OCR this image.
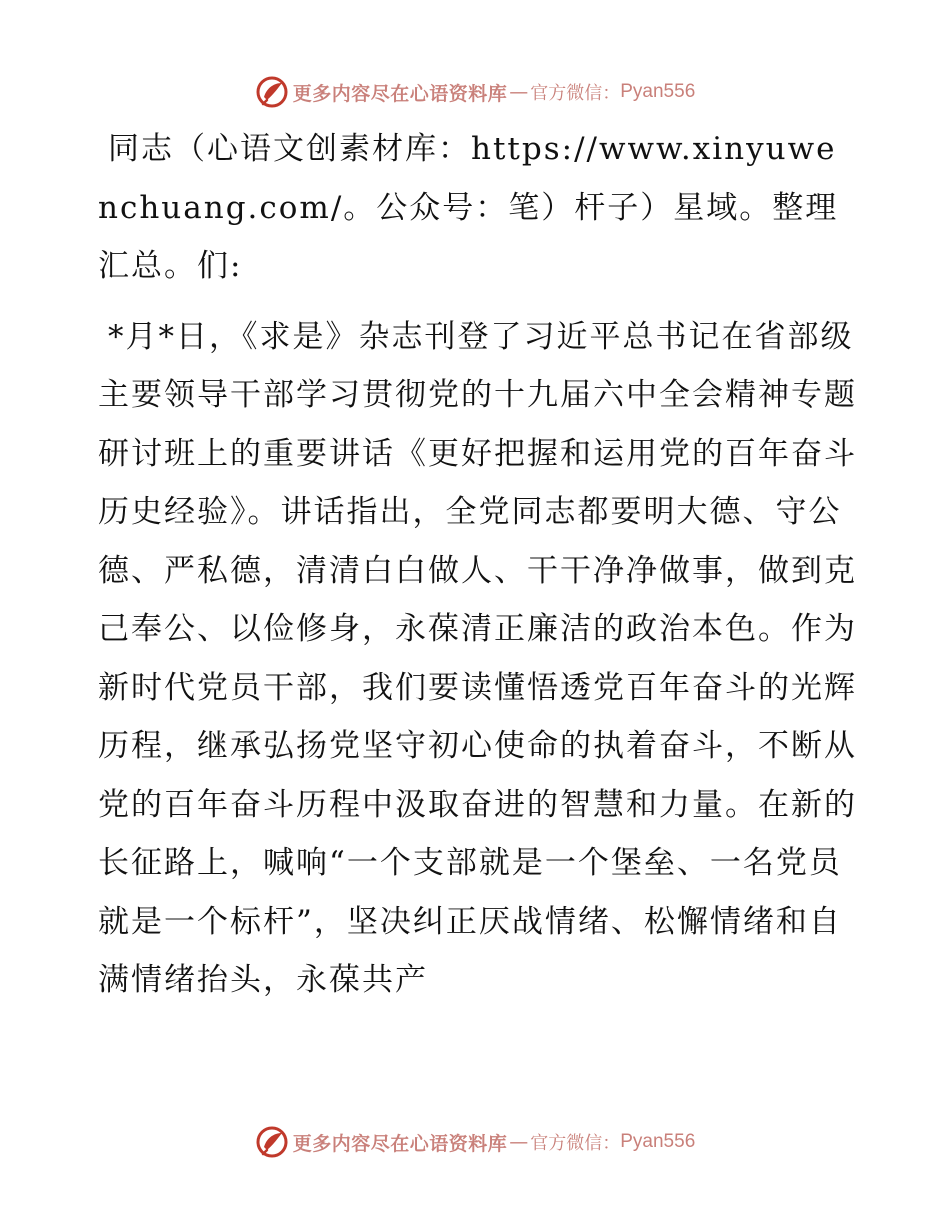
更多内容尽在心语资料库 — 官方微信： Pyan556

同志（心语文创素材库：https://www.xinyuwenchuang.com/。公众号：笔）杆子）星域。整理汇总。们:

*月*日，《求是》杂志刊登了习近平总书记在省部级主要领导干部学习贯彻党的十九届六中全会精神专题研讨班上的重要讲话《更好把握和运用党的百年奋斗历史经验》。讲话指出，全党同志都要明大德、守公德、严私德，清清白白做人、干干净净做事，做到克己奉公、以俭修身，永葆清正廉洁的政治本色。作为新时代党员干部，我们要读懂悟透党百年奋斗的光辉历程，继承弘扬党坚守初心使命的执着奋斗，不断从党的百年奋斗历程中汲取奋进的智慧和力量。在新的长征路上，喊响“一个支部就是一个堡垒、一名党员就是一个标杆”，坚决纠正厌战情绪、松懈情绪和自满情绪抬头，永葆共产

更多内容尽在心语资料库 — 官方微信： Pyan556
